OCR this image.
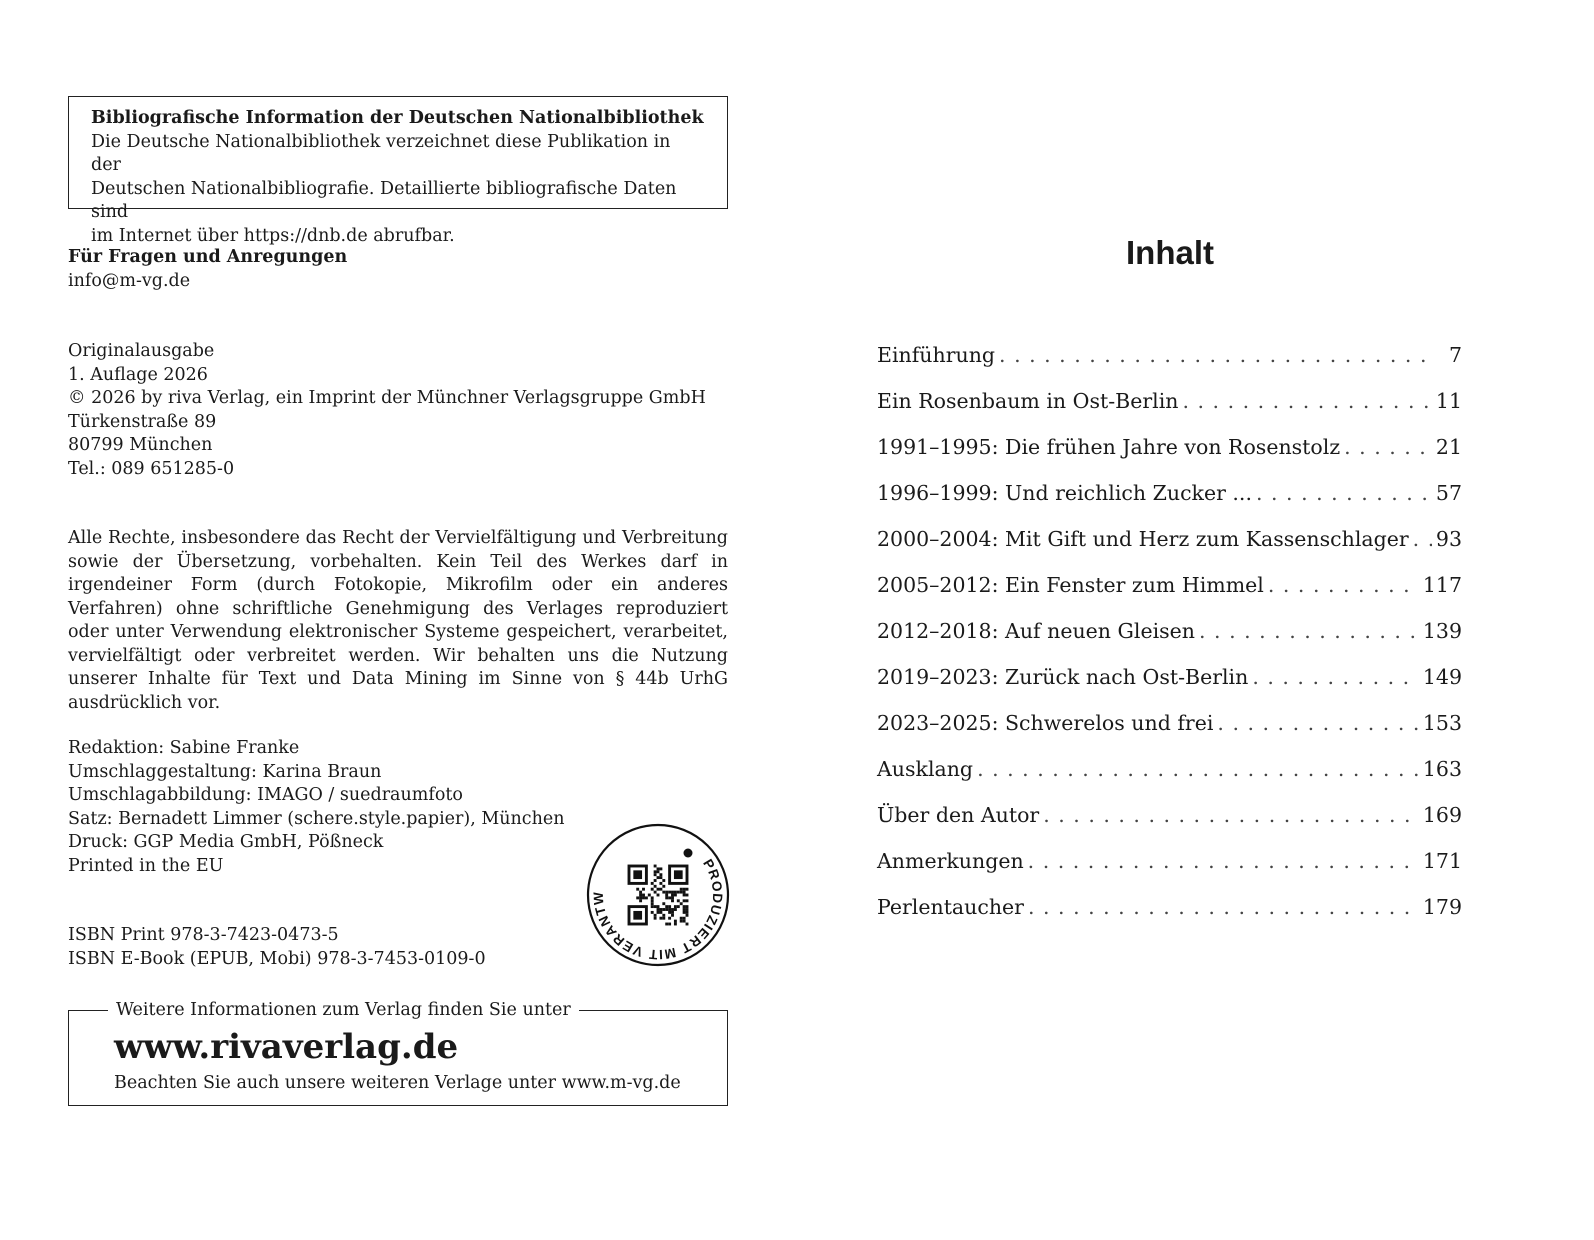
Bibliografische Information der Deutschen Nationalbibliothek

Die Deutsche Nationalbibliothek verzeichnet diese Publikation in der

Deutschen Nationalbibliografie. Detaillierte bibliografische Daten sind

im Internet über https://dnb.de abrufbar.

Für Fragen und Anregungen

info@m-vg.de

Originalausgabe

1. Auflage 2026

© 2026 by riva Verlag, ein Imprint der Münchner Verlagsgruppe GmbH

Türkenstraße 89

80799 München

Tel.: 089 651285-0

Alle Rechte, insbesondere das Recht der Vervielfältigung und Verbreitung sowie der Übersetzung, vorbehalten. Kein Teil des Werkes darf in irgendeiner Form (durch Fotokopie, Mikrofilm oder ein anderes Verfahren) ohne schriftliche Genehmigung des Verlages reproduziert oder unter Verwendung elektronischer Systeme gespeichert, verarbeitet, vervielfältigt oder verbreitet werden. Wir behalten uns die Nutzung unserer Inhalte für Text und Data Mining im Sinne von § 44b UrhG ausdrücklich vor.

Redaktion: Sabine Franke

Umschlaggestaltung: Karina Braun

Umschlagabbildung: IMAGO / suedraumfoto

Satz: Bernadett Limmer (schere.style.papier), München

Druck: GGP Media GmbH, Pößneck

Printed in the EU

ISBN Print 978-3-7423-0473-5

ISBN E-Book (EPUB, Mobi) 978-3-7453-0109-0

PRODUZIERT MIT VERANTW
Weitere Informationen zum Verlag finden Sie unter
www.rivaverlag.de
Beachten Sie auch unsere weiteren Verlage unter www.m-vg.de
Inhalt
Einführung . . .	7
Ein Rosenbaum in Ost-Berlin . . .	11
1991–1995: Die frühen Jahre von Rosenstolz . . .	21
1996–1999: Und reichlich Zucker ... . . .	57
2000–2004: Mit Gift und Herz zum Kassenschlager . . . 93
2005–2012: Ein Fenster zum Himmel . . .	117
2012–2018: Auf neuen Gleisen . . .	139
2019–2023: Zurück nach Ost-Berlin . . .	149
2023–2025: Schwerelos und frei . . .	153
Ausklang . . .	163
Über den Autor . . .	169
Anmerkungen . . .	171
Perlentaucher . . .	179
